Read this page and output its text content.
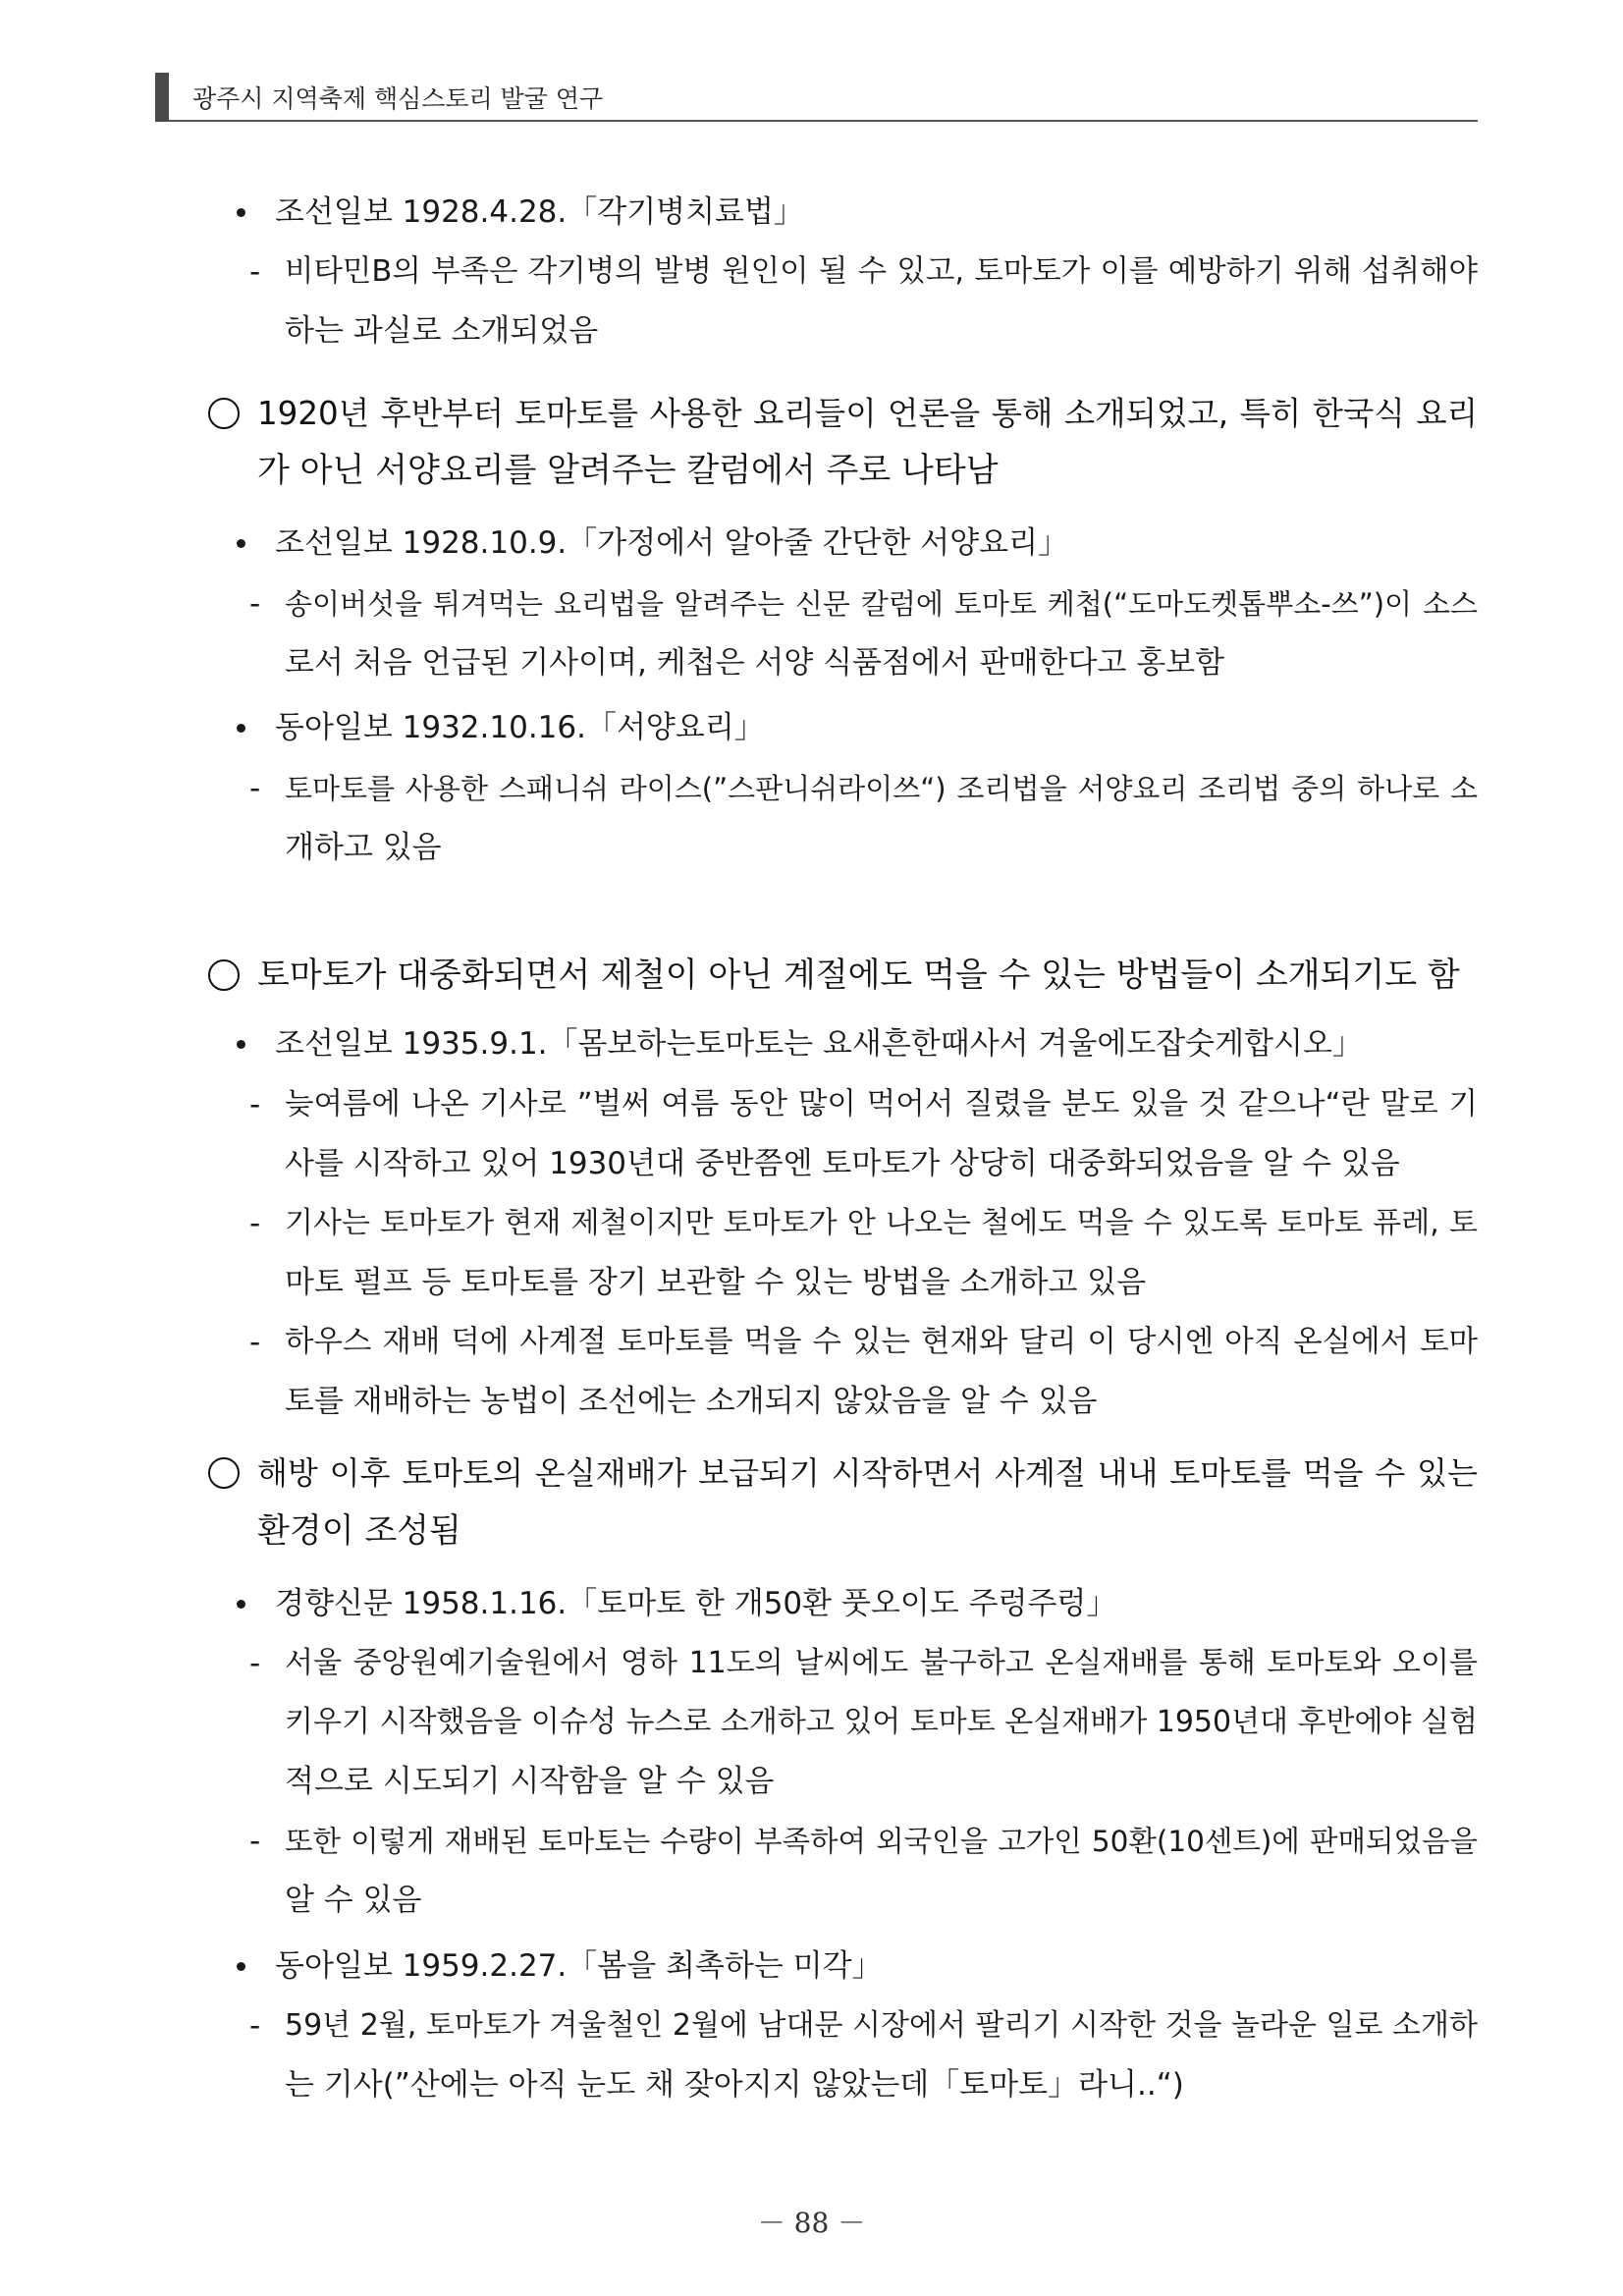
광주시 지역축제 핵심스토리 발굴 연구
조선일보 1928.4.28.「각기병치료법」
- 비타민B의 부족은 각기병의 발병 원인이 될 수 있고, 토마토가 이를 예방하기 위해 섭취해야
하는 과실로 소개되었음
1920년 후반부터 토마토를 사용한 요리들이 언론을 통해 소개되었고, 특히 한국식 요리
가 아닌 서양요리를 알려주는 칼럼에서 주로 나타남
조선일보 1928.10.9.「가정에서 알아줄 간단한 서양요리」
- 송이버섯을 튀겨먹는 요리법을 알려주는 신문 칼럼에 토마토 케첩(“도마도켓톱뿌소-쓰”)이 소스
로서 처음 언급된 기사이며, 케첩은 서양 식품점에서 판매한다고 홍보함
동아일보 1932.10.16.「서양요리」
- 토마토를 사용한 스패니쉬 라이스(”스판니쉬라이쓰“) 조리법을 서양요리 조리법 중의 하나로 소
개하고 있음
토마토가 대중화되면서 제철이 아닌 계절에도 먹을 수 있는 방법들이 소개되기도 함
조선일보 1935.9.1.「몸보하는토마토는 요새흔한때사서 겨울에도잡숫게합시오」
- 늦여름에 나온 기사로 ”벌써 여름 동안 많이 먹어서 질렸을 분도 있을 것 같으나“란 말로 기
사를 시작하고 있어 1930년대 중반쯤엔 토마토가 상당히 대중화되었음을 알 수 있음
- 기사는 토마토가 현재 제철이지만 토마토가 안 나오는 철에도 먹을 수 있도록 토마토 퓨레, 토
마토 펄프 등 토마토를 장기 보관할 수 있는 방법을 소개하고 있음
- 하우스 재배 덕에 사계절 토마토를 먹을 수 있는 현재와 달리 이 당시엔 아직 온실에서 토마
토를 재배하는 농법이 조선에는 소개되지 않았음을 알 수 있음
해방 이후 토마토의 온실재배가 보급되기 시작하면서 사계절 내내 토마토를 먹을 수 있는
환경이 조성됨
경향신문 1958.1.16.「토마토 한 개50환 풋오이도 주렁주렁」
- 서울 중앙원예기술원에서 영하 11도의 날씨에도 불구하고 온실재배를 통해 토마토와 오이를
키우기 시작했음을 이슈성 뉴스로 소개하고 있어 토마토 온실재배가 1950년대 후반에야 실험
적으로 시도되기 시작함을 알 수 있음
- 또한 이렇게 재배된 토마토는 수량이 부족하여 외국인을 고가인 50환(10센트)에 판매되었음을
알 수 있음
동아일보 1959.2.27.「봄을 최촉하는 미각」
- 59년 2월, 토마토가 겨울철인 2월에 남대문 시장에서 팔리기 시작한 것을 놀라운 일로 소개하
는 기사(”산에는 아직 눈도 채 잦아지지 않았는데「토마토」라니..“)
－ 88 －
